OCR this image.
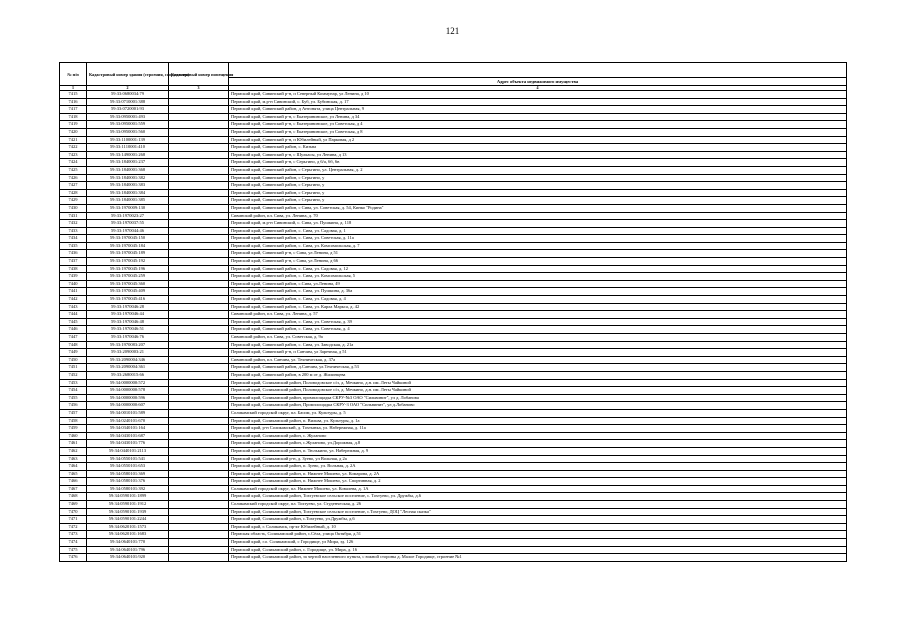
121
№ п/п	Кадастровый номер здания (строения, сооружения)	Кадастровый номер помещения	
			Адрес объекта недвижимого имущества
1	2	3	4
7415	59:33:0680034:79		Пермский край, Сивинский р-н, п Северный Коммунар, ул Ленина, д 10
7416	59:33:0710001:388		Пермский край, м.р-н Сивинский, с. Буб, ул. Бубинская, д. 17
7417	59:33:0720001:93		Пермский край, Сивинский район, д Антонята, улица Центральная, 9
7418	59:33:0950001:493		Пермский край, Сивинский р-н, с Екатерининское, ул Ленина, д 34
7419	59:33:0950001:559		Пермский край, Сивинский р-н, с Екатерининское, ул Советская, д 4
7420	59:33:0950001:560		Пермский край, Сивинский р-н, с Екатерининское, ул Советская, д 8
7421	59:33:1100001:139		Пермский край, Сивинский р-н, п Юбилейный, ул Парковая, д 2
7422	59:33:1110001:410		Пермский край, Сивинский район, с. Кизьва
7423	59:33:1490001:268		Пермский край, Сивинский р-н, с Шулкасы, ул Ленина, д 13
7424	59:33:1840001:237		Пермский край, Сивинский р-н, с Серьгино, д 6/а, 6б, 6в
7425	59:33:1840001:368		Пермский край, Сивинский район, с Серьгино, ул. Центральная, д. 2
7426	59:33:1840001:382		Пермский край, Сивинский район, с Серьгино, у
7427	59:33:1840001:383		Пермский край, Сивинский район, с Серьгино, у
7428	59:33:1840001:384		Пермский край, Сивинский район, с Серьгино, у
7429	59:33:1840001:385		Пермский край, Сивинский район, с Серьгино, у
7430	59:33:1970009:130		Пермский край, Сивинский район, с Сива, ул. Советская, д. 54, Кинко "Родина"
7431	59:33:1970023:27		Сивинский район, пл. Сива, ул. Ленина, д. 70
7432	59:33:1970037:55		Пермский край, м.р-н Сивинский, с. Сива, ул. Пушкина, д. 118
7433	59:33:1970044:46		Пермский край, Сивинский район, с. Сива, ул. Садовая, д. 1
7434	59:33:1970045:150		Пермский край, Сивинский район, с. Сива, ул. Советская, д. 11а
7435	59:33:1970045:184		Пермский край, Сивинский район, с. Сива, ул. Комсомольская, д. 7
7436	59:33:1970045:189		Пермский край, Сивинский р-н, с Сива, ул Ленина, д 51
7437	59:33:1970045:192		Пермский край, Сивинский р-н, с Сива, ул Ленина, д 66
7438	59:33:1970045:196		Пермский край, Сивинский район, с. Сива, ул. Садовая, д. 12
7439	59:33:1970045:259		Пермский край, Сивинский район, с. Сива, ул. Комсомольская, 5
7440	59:33:1970045:360		Пермский край, Сивинский район, с.Сива, ул.Ленина, 49
7441	59:33:1970045:409		Пермский край, Сивинский район, с. Сива, ул. Пушкина, д. 36а
7442	59:33:1970045:416		Пермский край, Сивинский район, с. Сива, ул. Садовая, д. 4
7443	59:33:1970046:28		Пермский край, Сивинский район, с. Сива, ул. Карла Маркса, д. 42
7444	59:33:1970046:44		Сивинский район, пл. Сива, ул. Ленина, д. 57
7445	59:33:1970046:48		Пермский край, Сивинский район, с. Сива, ул. Советская, д. 39
7446	59:33:1970046:51		Пермский край, Сивинский район, с. Сива, ул. Советская, д. 4
7447	59:33:1970046:76		Сивинский район, пл. Сива, ул. Советская, д. 9а
7448	59:33:1970083:207		Пермский край, Сивинский район, с. Сива, ул. Заводская, д. 21а
7449	59:33:2090003:21		Пермский край, Сивинский р-н, п Санчим, ул Заречная, д 51
7450	59:33:2090004:346		Сивинский район, пл. Санчим, ул. Техническая, д. 37а
7451	59:33:2090004:361		Пермский край, Сивинский район, д.Санчим, ул.Техническая, д.53
7452	59:33:2680015:66		Пермский край, Сивинский район, в 200 м от д. Жилинцева
7453	59:34:0000000:572		Пермский край, Соликамский район, Половодовское с/п, д. Мечкино, д.н. им. Леты Чайкиной
7454	59:34:0000000:578		Пермский край, Соликамский район, Половодовское с/п, д. Мечкино, д.н. им. Леты Чайкиной
7455	59:34:0000000:596		Пермский край, Соликамский район, промплощадка СКРУ-№3 ОАО "Сильвинит", ул д. Лобанова
7456	59:34:0000000:607		Пермский край, Соликамский район, Промплощадка СКРУ-3 ОАО "Сильвинит", ул д.Лобаново
7457	59:34:0010101:589		Соликамский городской округ, пл. Басим, ул. Культуры, д. 5
7458	59:34:0240101:670		Пермский край, Соликамский район, п. Вильва, ул. Культуры, д. 1а
7459	59:34:0340101:164		Пермский край, р-н Соликамский, д. Тохтынка, ул. Набережная, д. 11а
7460	59:34:0430101:687		Пермский край, Соликамский район, с. Жуланово
7461	59:34:0430101:776		Пермский край, Соликамский район, с.Жуланово, ул.Дорожная, д.8
7462	59:34:0440101:2113		Пермский край, Соликамский район, п. Тюлькино, ул. Набережная, д. 9
7463	59:34:0550101:541		Пермский край, Соликамский р-н, д. Зуево, ул Вольная, д 2а
7464	59:34:0550101:653		Пермский край, Соликамский район, п. Зуево, ул. Вольная, д. 2А
7465	59:34:0580101:369		Пермский край, Соликамский район, п. Нижнее Мошево, ул. Комарова, д. 2А
7466	59:34:0580101:376		Пермский край, Соликамский район, п. Нижнее Мошево, ул. Спортивная, д. 2
7467	59:34:0580101:392		Соликамский городской округ, пл. Нижнее Мошево, ул. Ковалева, д. 1А
7468	59:34:0590101:1899		Пермский край, Соликамский район, Тохтуевское сельское поселение, с. Тохтуево, ул. Дружбы, д.6
7469	59:34:0590101:1912		Соликамский городской округ, пл. Тохтуево, ул. Студенческая, д. 26
7470	59:34:0590101:1939		Пермский край, Соликамский район, Тохтуевское сельское поселение, с.Тохтуево, ДОЦ "Лесная сказка"
7471	59:34:0590101:2244		Пермский край, Соликамский район, с.Тохтуево, ул.Дружбы, д.6
7472	59:34:0620101:1573		Пермский край, г. Соликамск, пр-кт Юбилейный, д. 10
7473	59:34:0620101:1683		Пермская область, Соликамский район, с.Сёла, улица Октября, д.51
7474	59:34:0640101:770		Пермский край, г.о. Соликамский, с Городище, ул Мира, зд. 126
7475	59:34:0640101:796		Пермский край, Соликамский район, с. Городище, ул. Мира, д. 16
7476	59:34:0640101:920		Пермский край, Соликамский район, за чертой населенного пункта, с южной стороны д. Малое Городище, строение №1
